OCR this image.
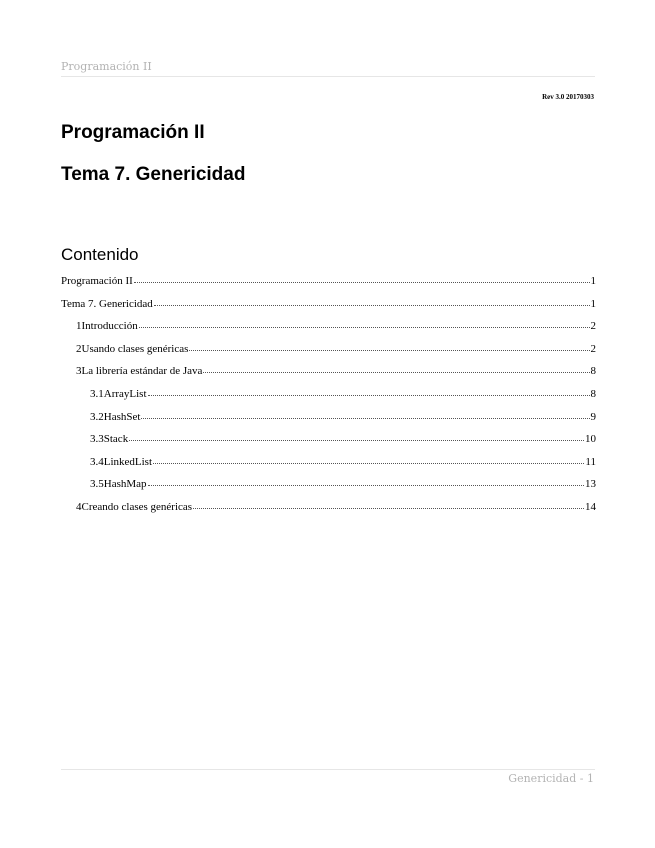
Programación II
Rev 3.0 20170303
Programación II
Tema 7. Genericidad
Contenido
Programación II	1
Tema 7. Genericidad	1
1Introducción	2
2Usando clases genéricas	2
3La librería estándar de Java	8
3.1ArrayList	8
3.2HashSet	9
3.3Stack	10
3.4LinkedList	11
3.5HashMap	13
4Creando clases genéricas	14
Genericidad - 1
